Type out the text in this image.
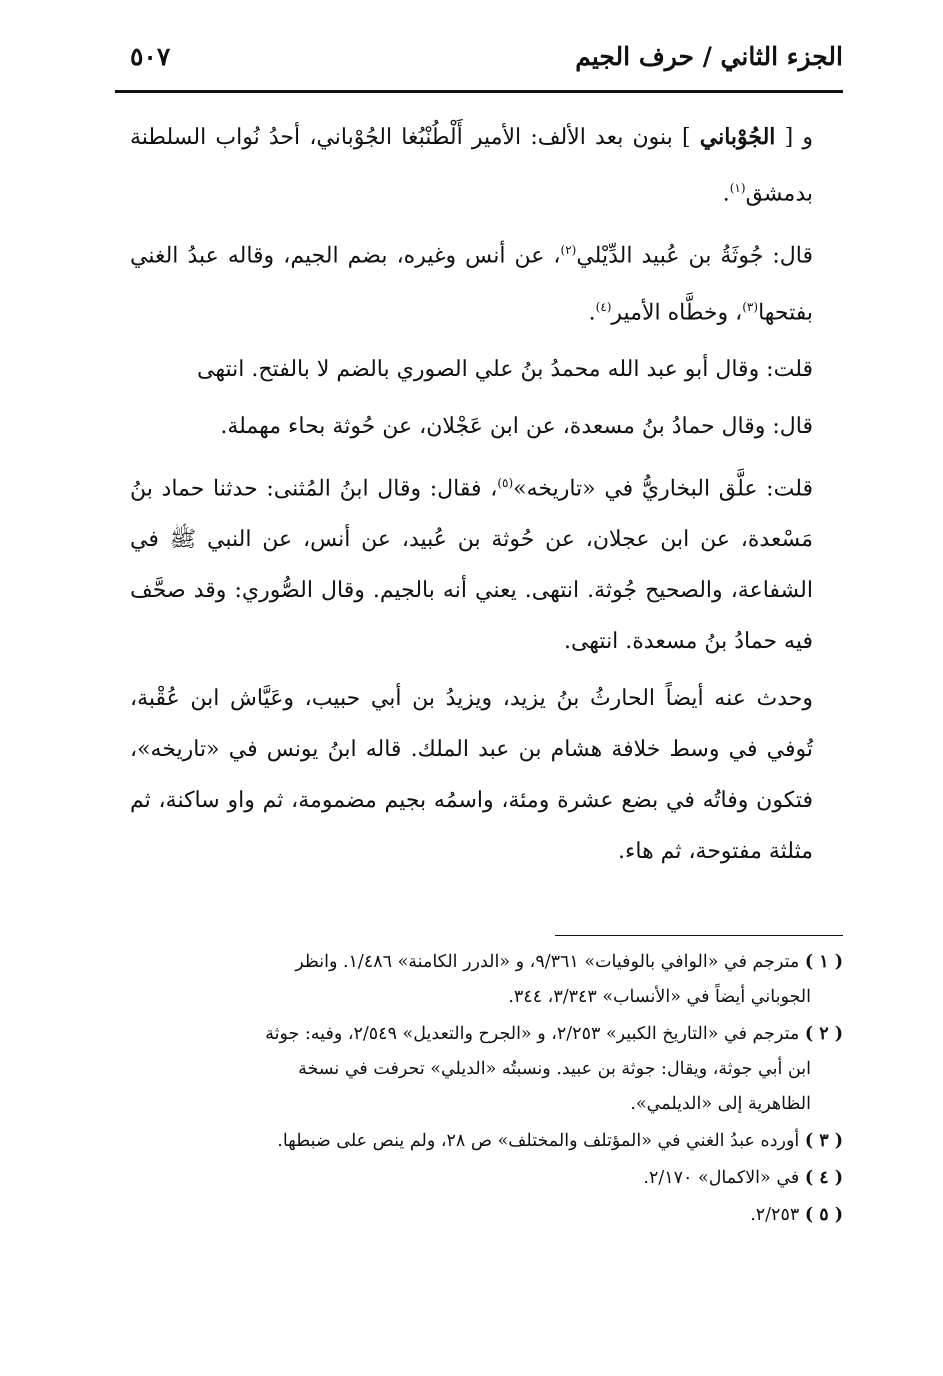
الجزء الثاني / حرف الجيم
٥٠٧

و [ الجُوْباني ] بنون بعد الألف: الأمير أَلْطُنْبُغا الجُوْباني، أحدُ نُواب السلطنة بدمشق$^{(١)}$.

قال: جُوثَةُ بن عُبيد الدِّيْلي$^{(٢)}$، عن أنس وغيره، بضم الجيم، وقاله عبدُ الغني بفتحها$^{(٣)}$، وخطَّاه الأمير$^{(٤)}$.

قلت: وقال أبو عبد الله محمدُ بنُ علي الصوري بالضم لا بالفتح. انتهى

قال: وقال حمادُ بنُ مسعدة، عن ابن عَجْلان، عن حُوثة بحاء مهملة.

قلت: علَّق البخاريُّ في «تاريخه»$^{(٥)}$، فقال: وقال ابنُ المُثنى: حدثنا حماد بنُ مَسْعدة، عن ابن عجلان، عن حُوثة بن عُبيد، عن أنس، عن النبي ﷺ في الشفاعة، والصحيح جُوثة. انتهى. يعني أنه بالجيم. وقال الصُّوري: وقد صحَّف فيه حمادُ بنُ مسعدة. انتهى.

وحدث عنه أيضاً الحارثُ بنُ يزيد، ويزيدُ بن أبي حبيب، وعَيَّاش ابن عُقْبة، تُوفي في وسط خلافة هشام بن عبد الملك. قاله ابنُ يونس في «تاريخه»، فتكون وفاتُه في بضع عشرة ومئة، واسمُه بجيم مضمومة، ثم واو ساكنة، ثم مثلثة مفتوحة، ثم هاء.

( ١ ) مترجم في «الوافي بالوفيات» ٩/٣٦١، و «الدرر الكامنة» ١/٤٨٦. وانظر

الجوباني أيضاً في «الأنساب» ٣/٣٤٣، ٣٤٤.
( ٢ ) مترجم في «التاريخ الكبير» ٢/٢٥٣، و «الجرح والتعديل» ٢/٥٤٩، وفيه: جوثة

ابن أبي جوثة، ويقال: جوثة بن عبيد. ونسبتُه «الديلي» تحرفت في نسخة
الظاهرية إلى «الديلمي».
( ٣ ) أورده عبدُ الغني في «المؤتلف والمختلف» ص ٢٨، ولم ينص على ضبطها.
( ٤ ) في «الاكمال» ٢/١٧٠.
( ٥ ) ٢/٢٥٣.
